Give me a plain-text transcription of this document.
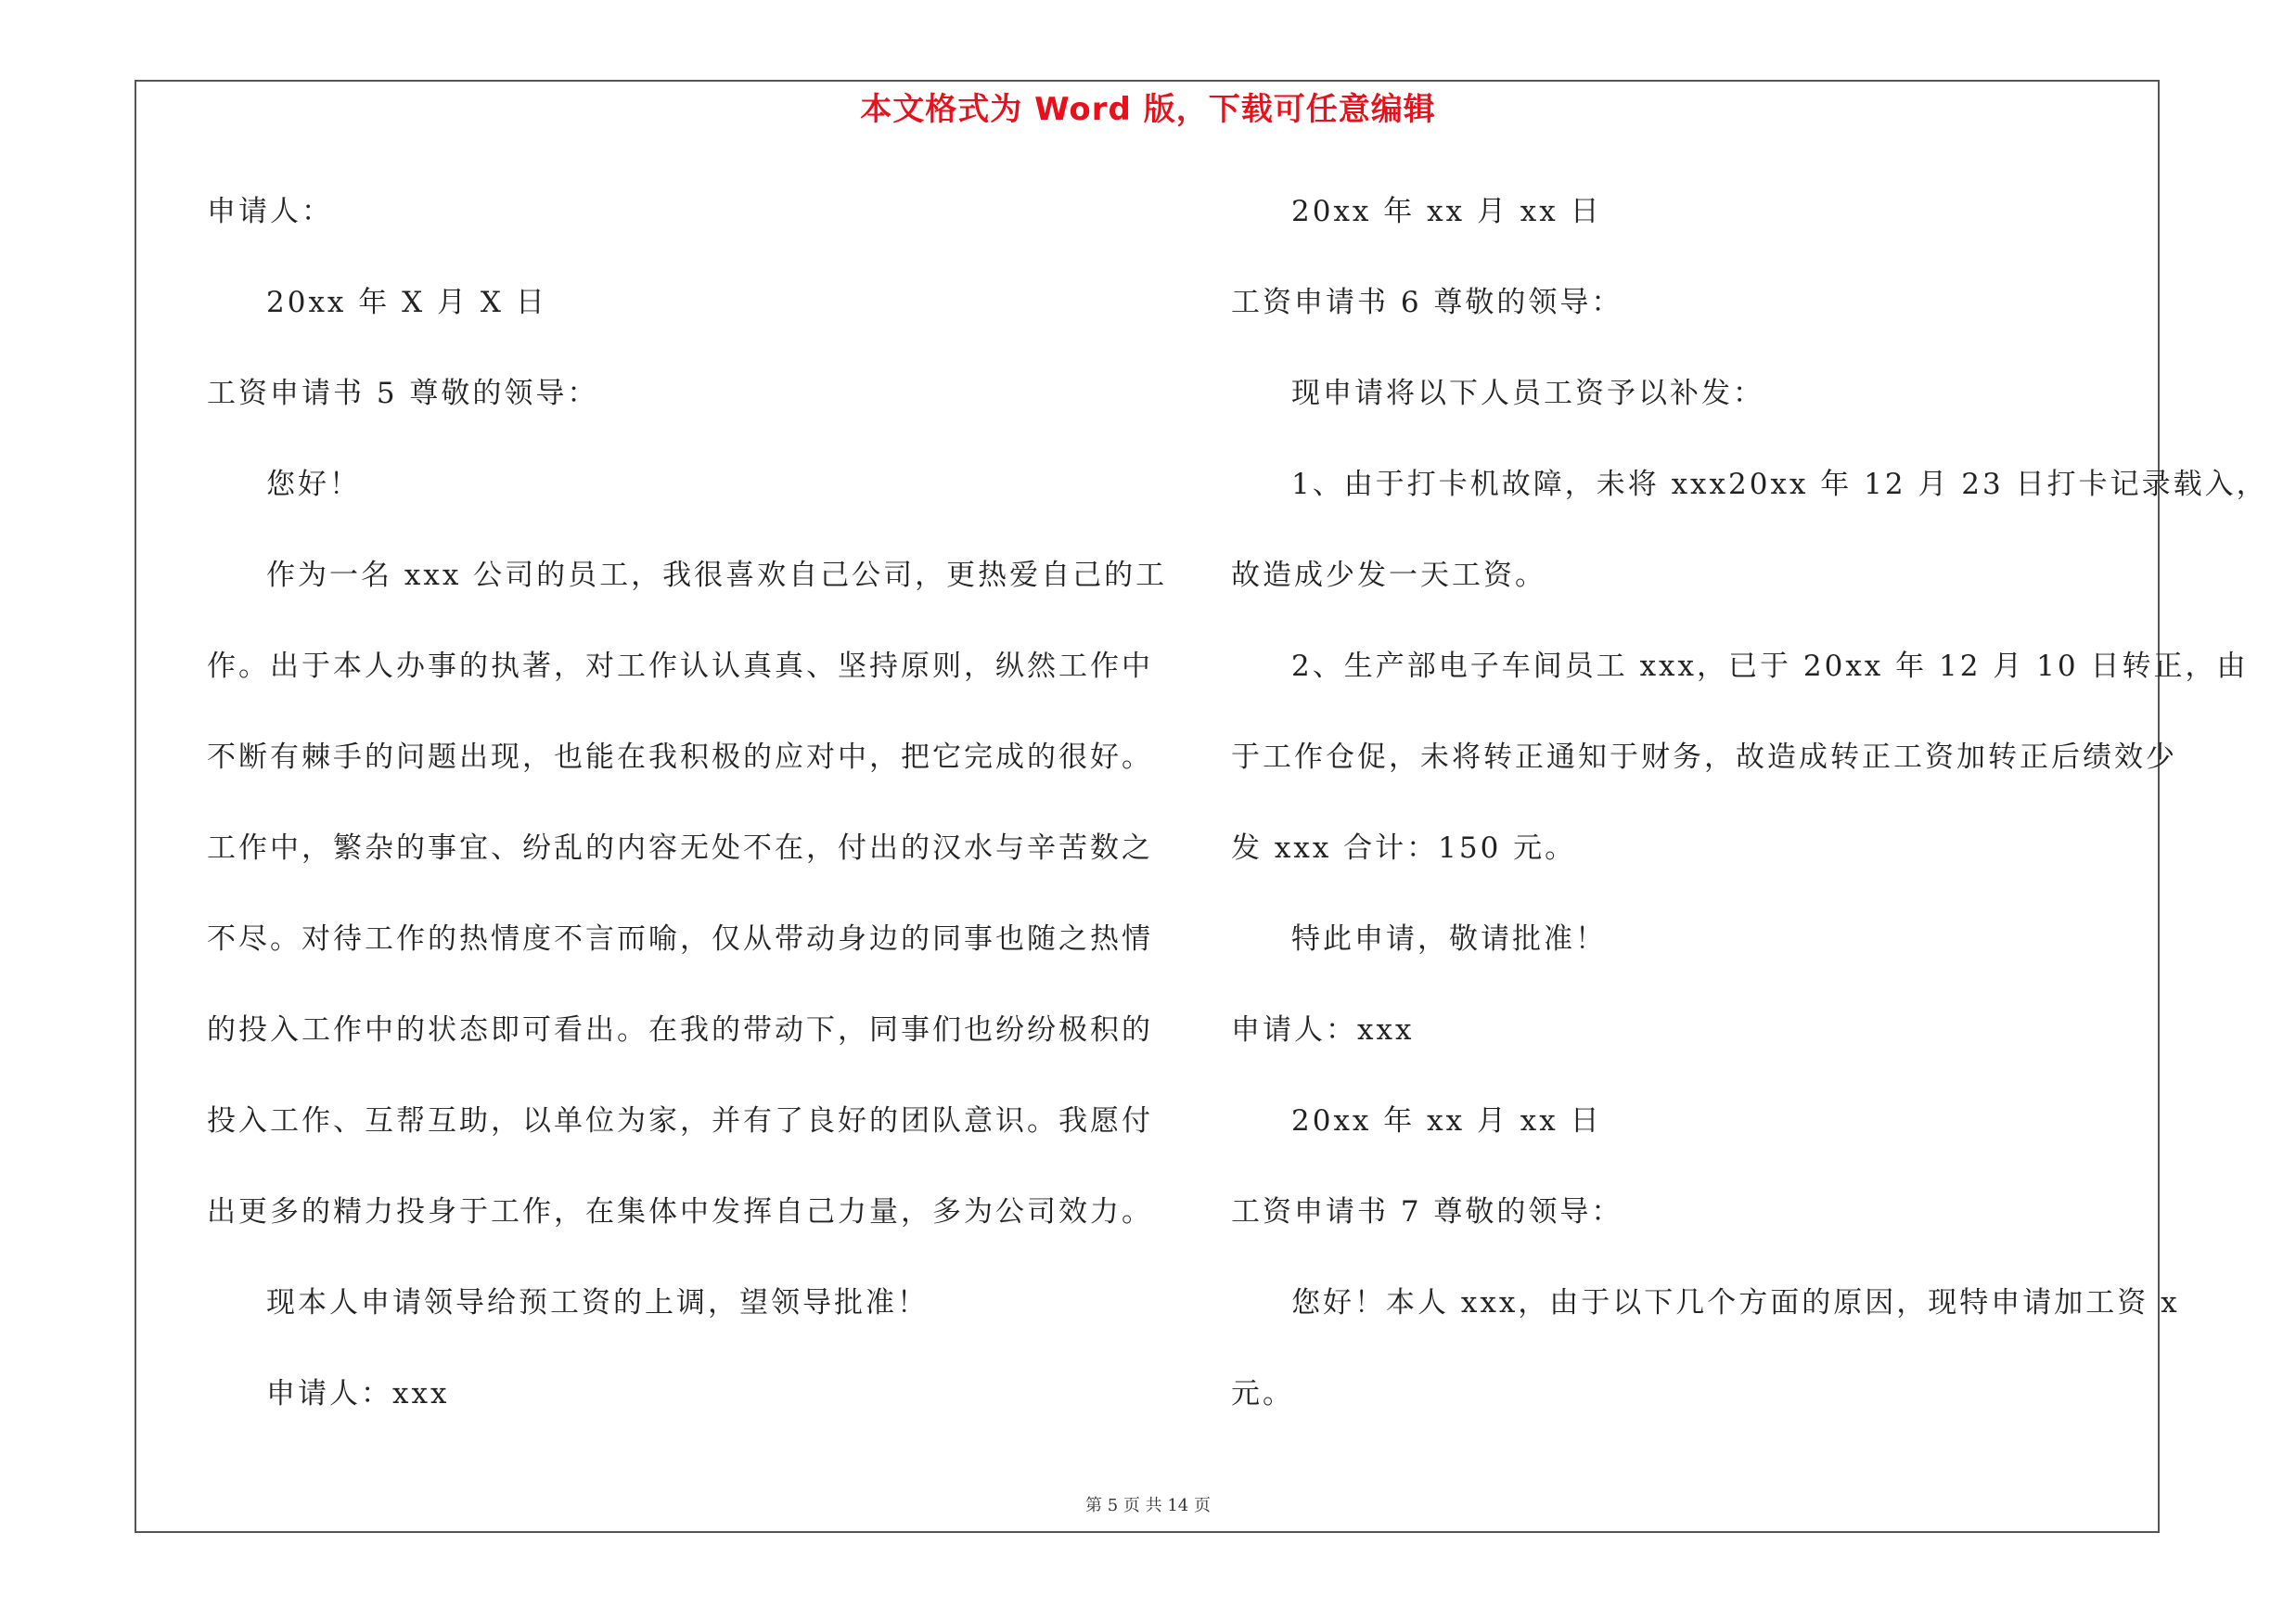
本文格式为 Word 版，下载可任意编辑
申请人：
20xx 年 X 月 X 日
工资申请书 5 尊敬的领导：
您好！
作为一名 xxx 公司的员工，我很喜欢自己公司，更热爱自己的工
作。出于本人办事的执著，对工作认认真真、坚持原则，纵然工作中
不断有棘手的问题出现，也能在我积极的应对中，把它完成的很好。
工作中，繁杂的事宜、纷乱的内容无处不在，付出的汉水与辛苦数之
不尽。对待工作的热情度不言而喻，仅从带动身边的同事也随之热情
的投入工作中的状态即可看出。在我的带动下，同事们也纷纷极积的
投入工作、互帮互助，以单位为家，并有了良好的团队意识。我愿付
出更多的精力投身于工作，在集体中发挥自己力量，多为公司效力。
现本人申请领导给预工资的上调，望领导批准！
申请人：xxx
20xx 年 xx 月 xx 日
工资申请书 6 尊敬的领导：
现申请将以下人员工资予以补发：
1、由于打卡机故障，未将 xxx20xx 年 12 月 23 日打卡记录载入，
故造成少发一天工资。
2、生产部电子车间员工 xxx，已于 20xx 年 12 月 10 日转正，由
于工作仓促，未将转正通知于财务，故造成转正工资加转正后绩效少
发 xxx 合计：150 元。
特此申请，敬请批准！
申请人：xxx
20xx 年 xx 月 xx 日
工资申请书 7 尊敬的领导：
您好！本人 xxx，由于以下几个方面的原因，现特申请加工资 x
元。
第 5 页 共 14 页
